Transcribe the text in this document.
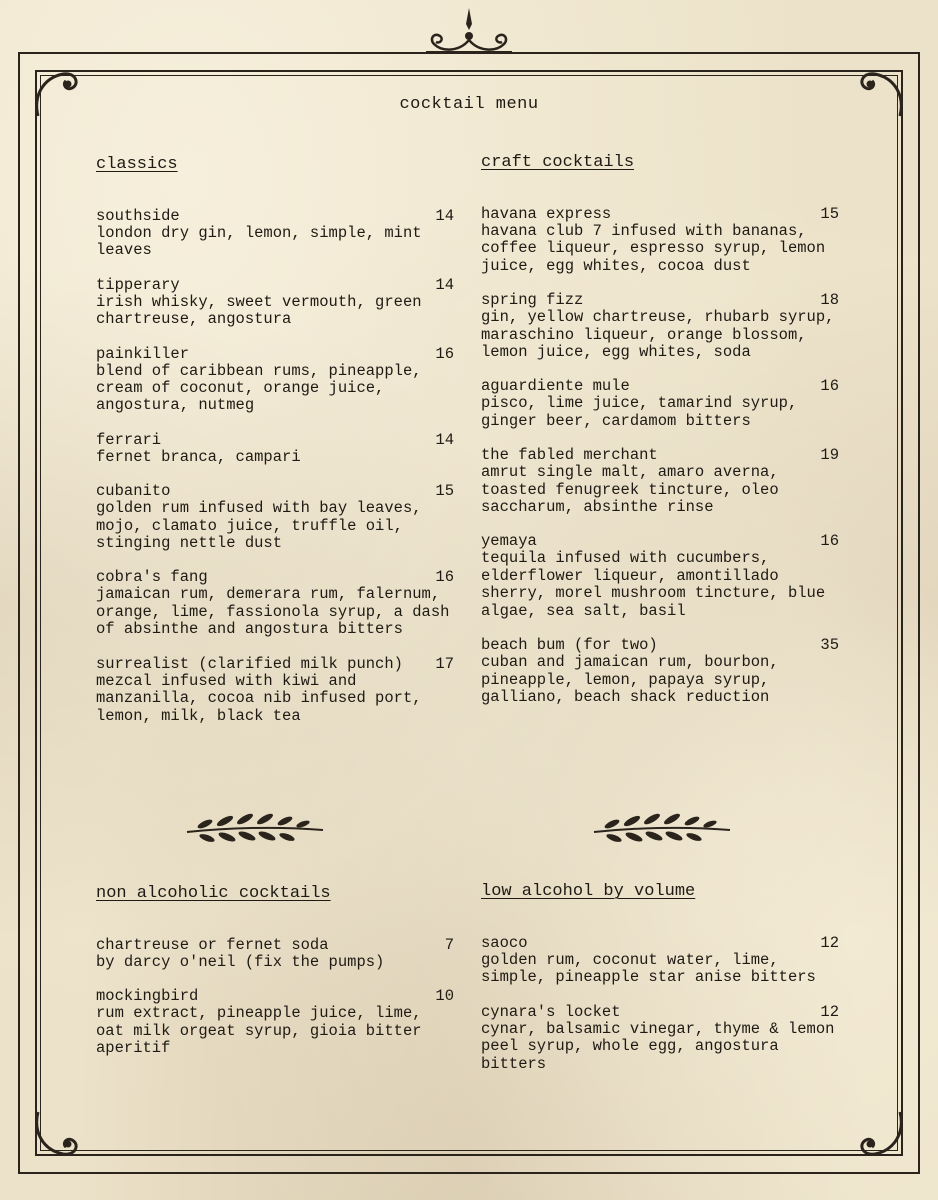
cocktail menu
classics
southside	14
london dry gin, lemon, simple, mint leaves
tipperary	14
irish whisky, sweet vermouth, green chartreuse, angostura
painkiller	16
blend of caribbean rums, pineapple, cream of coconut, orange juice, angostura, nutmeg
ferrari	14
fernet branca, campari
cubanito	15
golden rum infused with bay leaves, mojo, clamato juice, truffle oil, stinging nettle dust
cobra's fang	16
jamaican rum, demerara rum, falernum, orange, lime, fassionola syrup, a dash of absinthe and angostura bitters
surrealist (clarified milk punch) 17
mezcal infused with kiwi and manzanilla, cocoa nib infused port, lemon, milk, black tea
craft cocktails
havana express	15
havana club 7 infused with bananas, coffee liqueur, espresso syrup, lemon juice, egg whites, cocoa dust
spring fizz	18
gin, yellow chartreuse, rhubarb syrup, maraschino liqueur, orange blossom, lemon juice, egg whites, soda
aguardiente mule	16
pisco, lime juice, tamarind syrup, ginger beer, cardamom bitters
the fabled merchant	19
amrut single malt, amaro averna, toasted fenugreek tincture, oleo saccharum, absinthe rinse
yemaya	16
tequila infused with cucumbers, elderflower liqueur, amontillado sherry, morel mushroom tincture, blue algae, sea salt, basil
beach bum (for two)	35
cuban and jamaican rum, bourbon, pineapple, lemon, papaya syrup, galliano, beach shack reduction
non alcoholic cocktails
chartreuse or fernet soda	7
by darcy o'neil (fix the pumps)
mockingbird	10
rum extract, pineapple juice, lime, oat milk orgeat syrup, gioia bitter aperitif
low alcohol by volume
saoco	12
golden rum, coconut water, lime, simple, pineapple star anise bitters
cynara's locket	12
cynar, balsamic vinegar, thyme & lemon peel syrup, whole egg, angostura bitters
